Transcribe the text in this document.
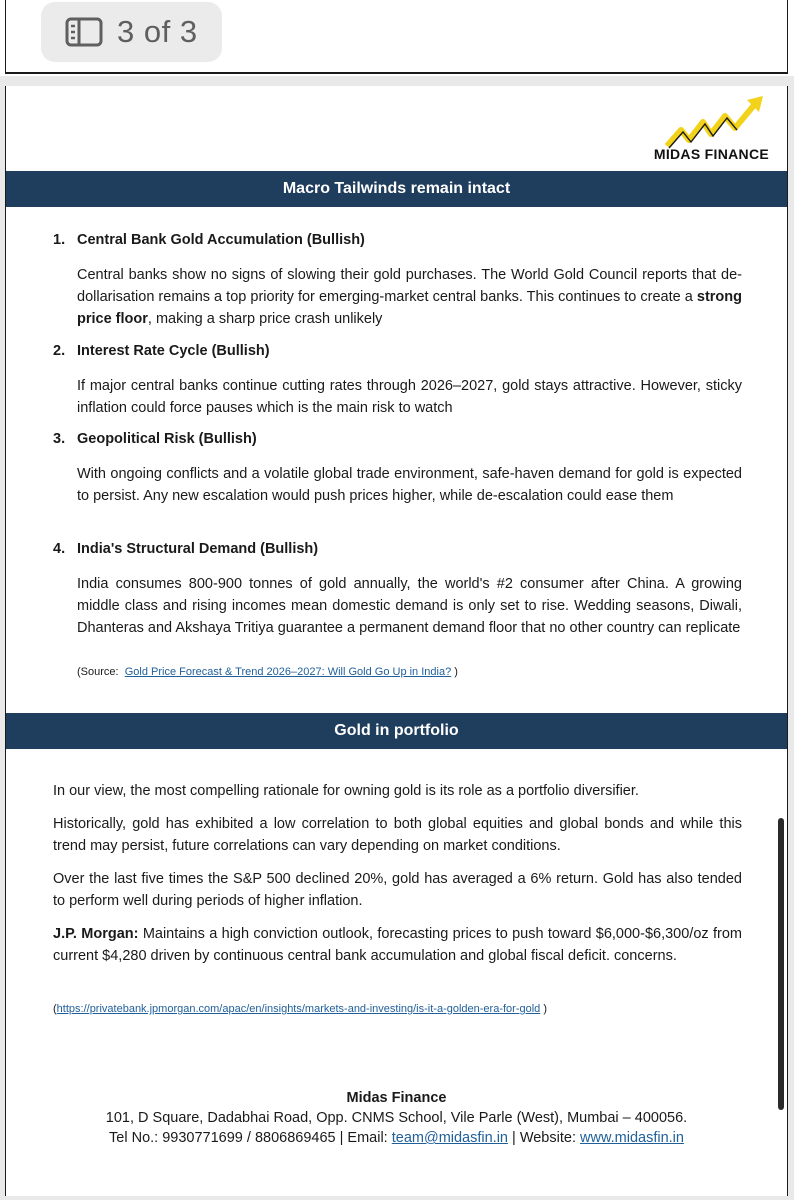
3 of 3
MIDAS FINANCE
Macro Tailwinds remain intact
1. Central Bank Gold Accumulation (Bullish)
Central banks show no signs of slowing their gold purchases. The World Gold Council reports that de-dollarisation remains a top priority for emerging-market central banks. This continues to create a strong price floor, making a sharp price crash unlikely
2. Interest Rate Cycle (Bullish)
If major central banks continue cutting rates through 2026–2027, gold stays attractive. However, sticky inflation could force pauses which is the main risk to watch
3. Geopolitical Risk (Bullish)
With ongoing conflicts and a volatile global trade environment, safe-haven demand for gold is expected to persist. Any new escalation would push prices higher, while de-escalation could ease them
4. India's Structural Demand (Bullish)
India consumes 800-900 tonnes of gold annually, the world's #2 consumer after China. A growing middle class and rising incomes mean domestic demand is only set to rise. Wedding seasons, Diwali, Dhanteras and Akshaya Tritiya guarantee a permanent demand floor that no other country can replicate
(Source: Gold Price Forecast & Trend 2026–2027: Will Gold Go Up in India? )
Gold in portfolio
In our view, the most compelling rationale for owning gold is its role as a portfolio diversifier.
Historically, gold has exhibited a low correlation to both global equities and global bonds and while this trend may persist, future correlations can vary depending on market conditions.
Over the last five times the S&P 500 declined 20%, gold has averaged a 6% return. Gold has also tended to perform well during periods of higher inflation.
J.P. Morgan: Maintains a high conviction outlook, forecasting prices to push toward $6,000-$6,300/oz from current $4,280 driven by continuous central bank accumulation and global fiscal deficit. concerns.
(https://privatebank.jpmorgan.com/apac/en/insights/markets-and-investing/is-it-a-golden-era-for-gold )
Midas Finance
101, D Square, Dadabhai Road, Opp. CNMS School, Vile Parle (West), Mumbai – 400056.
Tel No.: 9930771699 / 8806869465 | Email: team@midasfin.in | Website: www.midasfin.in
